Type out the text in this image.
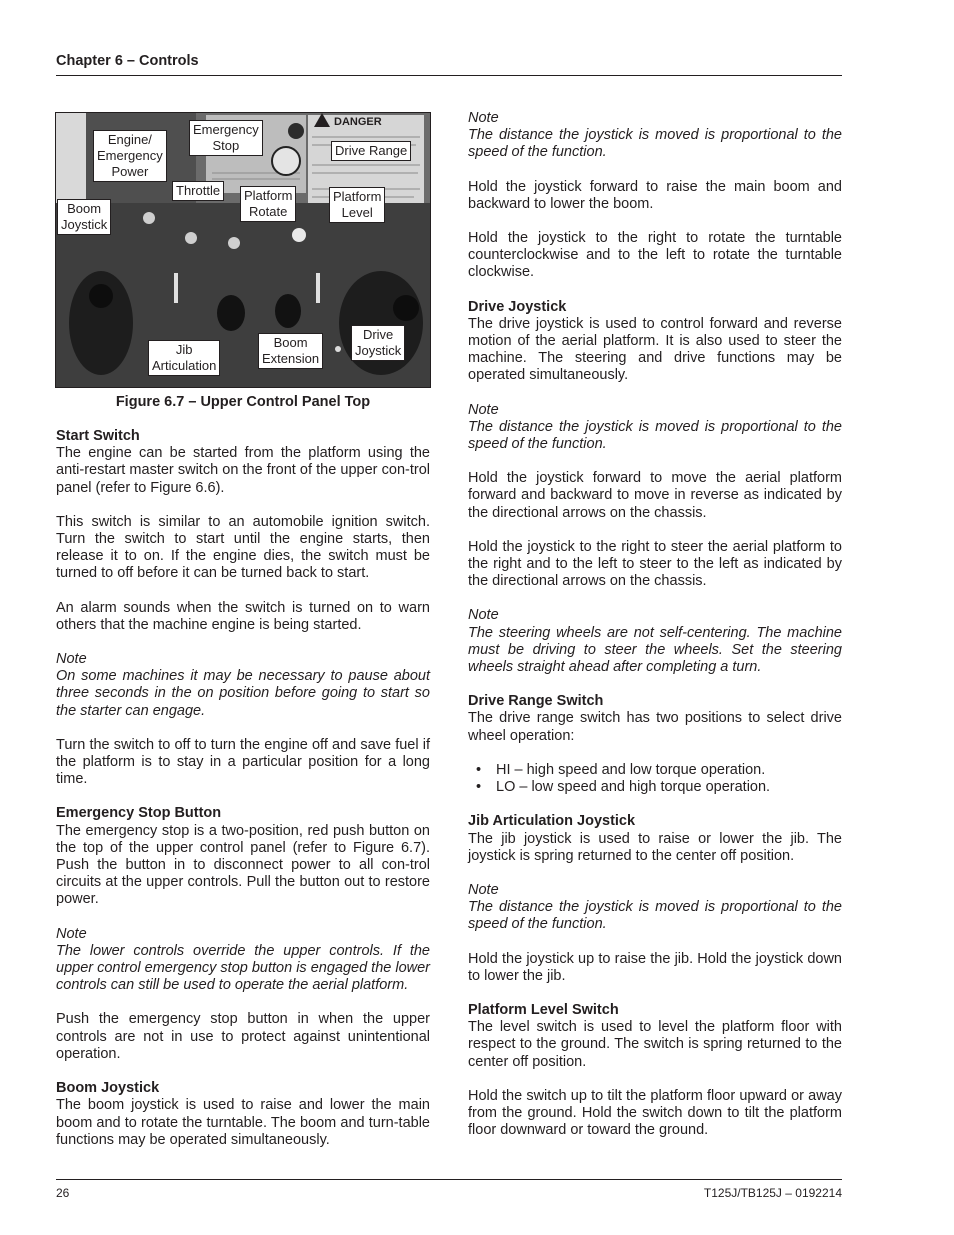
Chapter 6 – Controls
DANGER
Engine/
Emergency
Power
Emergency
Stop	Drive Range
Throttle	Platform
Rotate
Platform
Level
Boom
Joystick
Jib
Articulation
Boom
Extension
Drive
Joystick
Figure 6.7 – Upper Control Panel Top
Start Switch

The engine can be started from the platform using the anti-restart master switch on the front of the upper con-trol panel (refer to Figure 6.6).

This switch is similar to an automobile ignition switch. Turn the switch to start until the engine starts, then release it to on. If the engine dies, the switch must be turned to off before it can be turned back to start.

An alarm sounds when the switch is turned on to warn others that the machine engine is being started.

Note

On some machines it may be necessary to pause about three seconds in the on position before going to start so the starter can engage.

Turn the switch to off to turn the engine off and save fuel if the platform is to stay in a particular position for a long time.

Emergency Stop Button

The emergency stop is a two-position, red push button on the top of the upper control panel (refer to Figure 6.7). Push the button in to disconnect power to all con-trol circuits at the upper controls. Pull the button out to restore power.

Note

The lower controls override the upper controls. If the upper control emergency stop button is engaged the lower controls can still be used to operate the aerial platform.

Push the emergency stop button in when the upper controls are not in use to protect against unintentional operation.

Boom Joystick

The boom joystick is used to raise and lower the main boom and to rotate the turntable. The boom and turn-table functions may be operated simultaneously.

Note

The distance the joystick is moved is proportional to the speed of the function.

Hold the joystick forward to raise the main boom and backward to lower the boom.

Hold the joystick to the right to rotate the turntable counterclockwise and to the left to rotate the turntable clockwise.

Drive Joystick

The drive joystick is used to control forward and reverse motion of the aerial platform. It is also used to steer the machine. The steering and drive functions may be operated simultaneously.

Note

The distance the joystick is moved is proportional to the speed of the function.

Hold the joystick forward to move the aerial platform forward and backward to move in reverse as indicated by the directional arrows on the chassis.

Hold the joystick to the right to steer the aerial platform to the right and to the left to steer to the left as indicated by the directional arrows on the chassis.

Note

The steering wheels are not self-centering. The machine must be driving to steer the wheels. Set the steering wheels straight ahead after completing a turn.

Drive Range Switch

The drive range switch has two positions to select drive wheel operation:

• HI – high speed and low torque operation.
• LO – low speed and high torque operation.
Jib Articulation Joystick

The jib joystick is used to raise or lower the jib. The joystick is spring returned to the center off position.

Note

The distance the joystick is moved is proportional to the speed of the function.

Hold the joystick up to raise the jib. Hold the joystick down to lower the jib.

Platform Level Switch

The level switch is used to level the platform floor with respect to the ground. The switch is spring returned to the center off position.

Hold the switch up to tilt the platform floor upward or away from the ground. Hold the switch down to tilt the platform floor downward or toward the ground.

26	T125J/TB125J – 0192214
